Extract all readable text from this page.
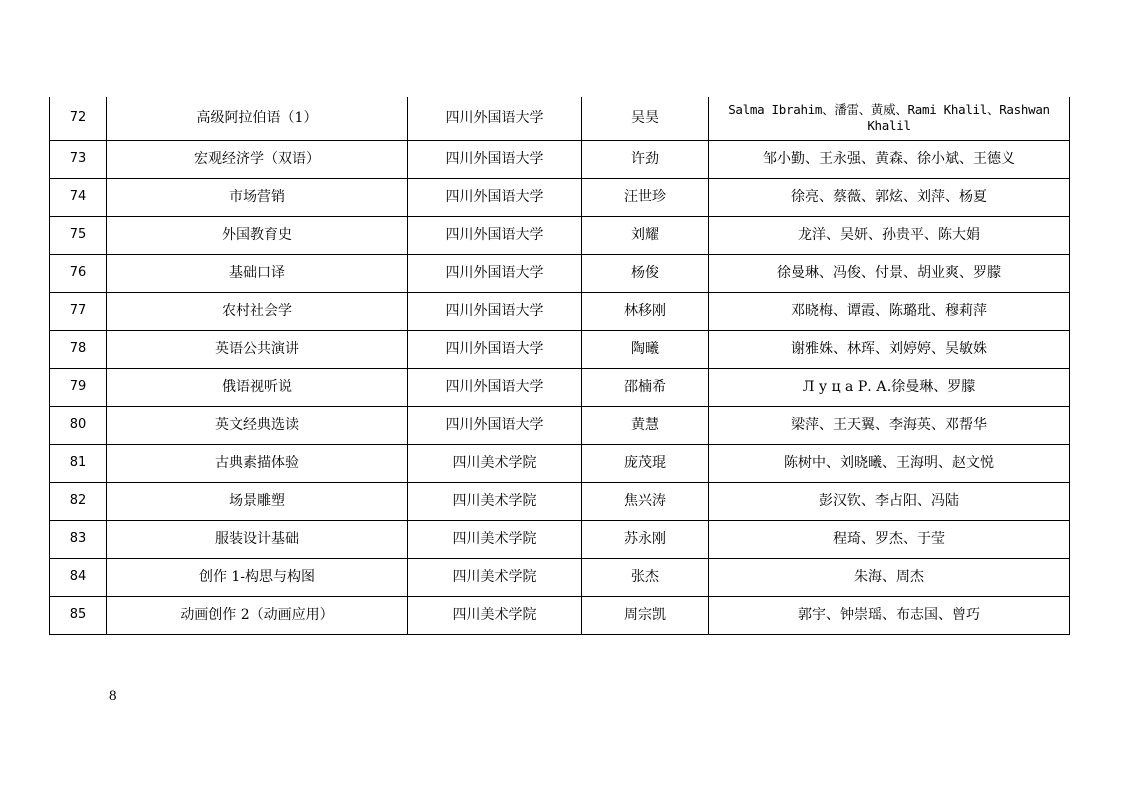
72	高级阿拉伯语（1）	四川外国语大学	吴昊	Salma Ibrahim、潘雷、黄威、Rami Khalil、Rashwan Khalil
73	宏观经济学（双语）	四川外国语大学	许劲	邹小勤、王永强、黄森、徐小斌、王德义
74	市场营销	四川外国语大学	汪世珍	徐亮、蔡薇、郭炫、刘萍、杨夏
75	外国教育史	四川外国语大学	刘耀	龙洋、吴妍、孙贵平、陈大娟
76	基础口译	四川外国语大学	杨俊	徐曼琳、冯俊、付景、胡业爽、罗朦
77	农村社会学	四川外国语大学	林移刚	邓晓梅、谭霞、陈璐玭、穆莉萍
78	英语公共演讲	四川外国语大学	陶曦	谢雅姝、林珲、刘婷婷、吴敏姝
79	俄语视听说	四川外国语大学	邵楠希	Л у ц а Р. А.徐曼琳、罗朦
80	英文经典选读	四川外国语大学	黄慧	梁萍、王天翼、李海英、邓帮华
81	古典素描体验	四川美术学院	庞茂琨	陈树中、刘晓曦、王海明、赵文悦
82	场景雕塑	四川美术学院	焦兴涛	彭汉钦、李占阳、冯陆
83	服装设计基础	四川美术学院	苏永刚	程琦、罗杰、于莹
84	创作 1-构思与构图	四川美术学院	张杰	朱海、周杰
85	动画创作 2（动画应用）	四川美术学院	周宗凯	郭宇、钟崇瑶、布志国、曾巧
8
